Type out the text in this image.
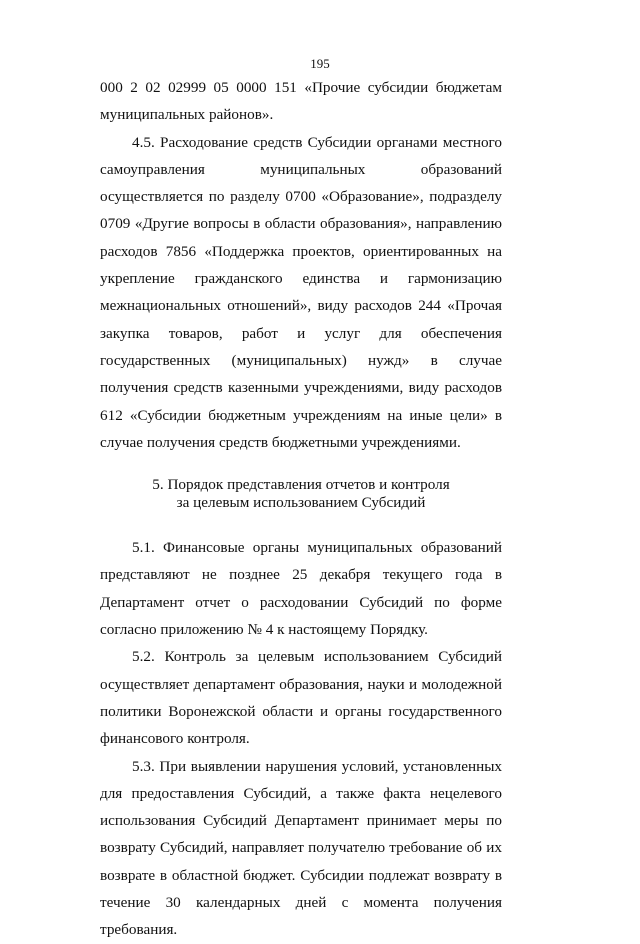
195

000 2 02 02999 05 0000 151 «Прочие субсидии бюджетам муниципальных районов».

4.5. Расходование средств Субсидии органами местного самоуправления муниципальных образований осуществляется по разделу 0700 «Образование», подразделу 0709 «Другие вопросы в области образования», направлению расходов 7856 «Поддержка проектов, ориентированных на укрепление гражданского единства и гармонизацию межнациональных отношений», виду расходов 244 «Прочая закупка товаров, работ и услуг для обеспечения государственных (муниципальных) нужд» в случае получения средств казенными учреждениями, виду расходов 612 «Субсидии бюджетным учреждениям на иные цели» в случае получения средств бюджетными учреждениями.

5. Порядок представления отчетов и контроля
за целевым использованием Субсидий

5.1. Финансовые органы муниципальных образований представляют не позднее 25 декабря текущего года в Департамент отчет о расходовании Субсидий по форме согласно приложению № 4 к настоящему Порядку.

5.2. Контроль за целевым использованием Субсидий осуществляет департамент образования, науки и молодежной политики Воронежской области и органы государственного финансового контроля.

5.3. При выявлении нарушения условий, установленных для предоставления Субсидий, а также факта нецелевого использования Субсидий Департамент принимает меры по возврату Субсидий, направляет получателю требование об их возврате в областной бюджет. Субсидии подлежат возврату в течение 30 календарных дней с момента получения требования.
